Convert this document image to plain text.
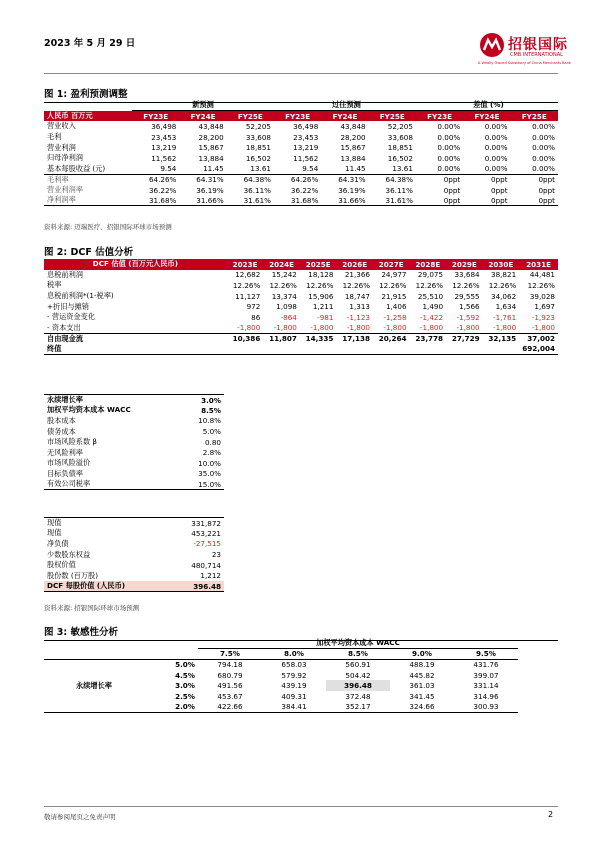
2023 年 5 月 29 日	招银国际
CMB INTERNATIONAL
A Wholly Owned Subsidiary of China Merchants Bank
图 1: 盈利预测调整
	新预测			过往预测			差值 (%)		
人民币 百万元	FY23E	FY24E	FY25E	FY23E	FY24E	FY25E	FY23E	FY24E	FY25E
营业收入	36,498	43,848	52,205	36,498	43,848	52,205	0.00%	0.00%	0.00%
毛利	23,453	28,200	33,608	23,453	28,200	33,608	0.00%	0.00%	0.00%
营业利润	13,219	15,867	18,851	13,219	15,867	18,851	0.00%	0.00%	0.00%
归母净利润	11,562	13,884	16,502	11,562	13,884	16,502	0.00%	0.00%	0.00%
基本每股收益 (元)	9.54	11.45	13.61	9.54	11.45	13.61	0.00%	0.00%	0.00%
毛利率	64.26%	64.31%	64.38%	64.26%	64.31%	64.38%	0ppt	0ppt	0ppt
营业利润率	36.22%	36.19%	36.11%	36.22%	36.19%	36.11%	0ppt	0ppt	0ppt
净利润率	31.68%	31.66%	31.61%	31.68%	31.66%	31.61%	0ppt	0ppt	0ppt
资料来源: 迈瑞医疗、招银国际环球市场预测
图 2: DCF 估值分析
DCF 估值 (百万元人民币)	2023E	2024E	2025E	2026E	2027E	2028E	2029E	2030E	2031E
息税前利润	12,682	15,242	18,128	21,366	24,977	29,075	33,684	38,821	44,481
税率	12.26%	12.26%	12.26%	12.26%	12.26%	12.26%	12.26%	12.26%	12.26%
息税前利润*(1-税率)	11,127	13,374	15,906	18,747	21,915	25,510	29,555	34,062	39,028
+折旧与摊销	972	1,098	1,211	1,313	1,406	1,490	1,566	1,634	1,697
- 营运资金变化	86	-864	-981	-1,123	-1,258	-1,422	-1,592	-1,761	-1,923
- 资本支出	-1,800	-1,800	-1,800	-1,800	-1,800	-1,800	-1,800	-1,800	-1,800
自由现金流	10,386	11,807	14,335	17,138	20,264	23,778	27,729	32,135	37,002
终值									692,004
永续增长率	3.0%
加权平均资本成本 WACC	8.5%
股本成本	10.8%
债务成本	5.0%
市场风险系数 β	0.80
无风险利率	2.8%
市场风险溢价	10.0%
目标负债率	35.0%
有效公司税率	15.0%
现值	331,872
现值	453,221
净负债	-27,515
少数股东权益	23
股权价值	480,714
股份数 (百万股)	1,212
DCF 每股价值 (人民币)	396.48
资料来源: 招银国际环球市场预测
图 3: 敏感性分析
		加权平均资本成本 WACC				
		7.5%	8.0%	8.5%	9.0%	9.5%
永续增长率	5.0%	794.18	658.03	560.91	488.19	431.76
	4.5%	680.79	579.92	504.42	445.82	399.07
	3.0%	491.56	439.19	396.48	361.03	331.14
	2.5%	453.67	409.31	372.48	341.45	314.96
	2.0%	422.66	384.41	352.17	324.66	300.93
敬请参阅尾页之免责声明	2
